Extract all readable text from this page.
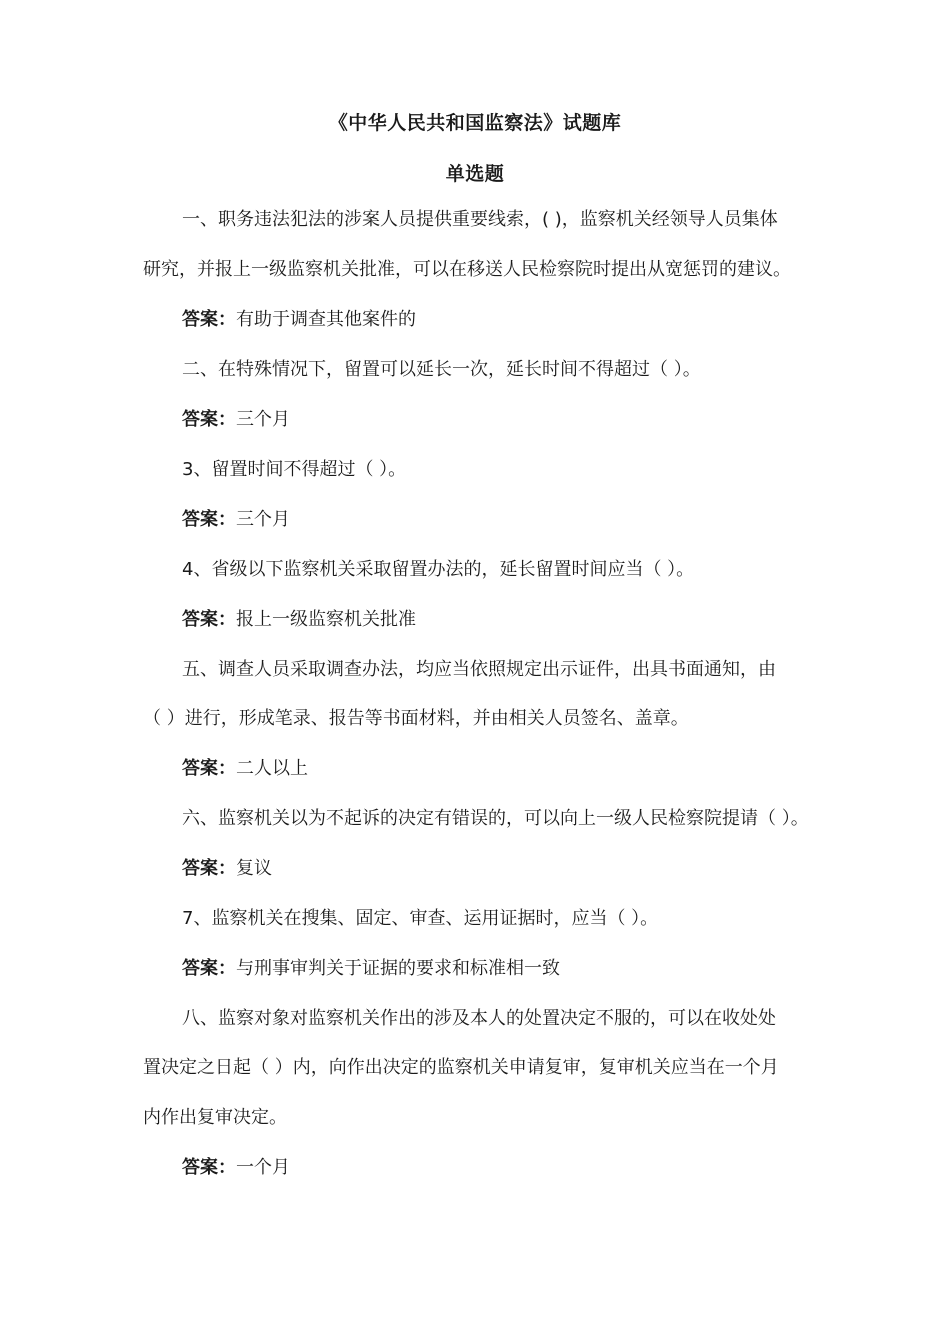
《中华人民共和国监察法》试题库
单选题
一、职务违法犯法的涉案人员提供重要线索，( )，监察机关经领导人员集体
研究，并报上一级监察机关批准，可以在移送人民检察院时提出从宽惩罚的建议。
答案：有助于调查其他案件的
二、在特殊情况下，留置可以延长一次，延长时间不得超过（ ）。
答案：三个月
3、留置时间不得超过（ ）。
答案：三个月
4、省级以下监察机关采取留置办法的，延长留置时间应当（ ）。
答案：报上一级监察机关批准
五、调查人员采取调查办法，均应当依照规定出示证件，出具书面通知，由
（ ）进行，形成笔录、报告等书面材料，并由相关人员签名、盖章。
答案：二人以上
六、监察机关以为不起诉的决定有错误的，可以向上一级人民检察院提请（ ）。
答案：复议
7、监察机关在搜集、固定、审查、运用证据时，应当（ ）。
答案：与刑事审判关于证据的要求和标准相一致
八、监察对象对监察机关作出的涉及本人的处置决定不服的，可以在收处处
置决定之日起（ ）内，向作出决定的监察机关申请复审，复审机关应当在一个月
内作出复审决定。
答案：一个月
